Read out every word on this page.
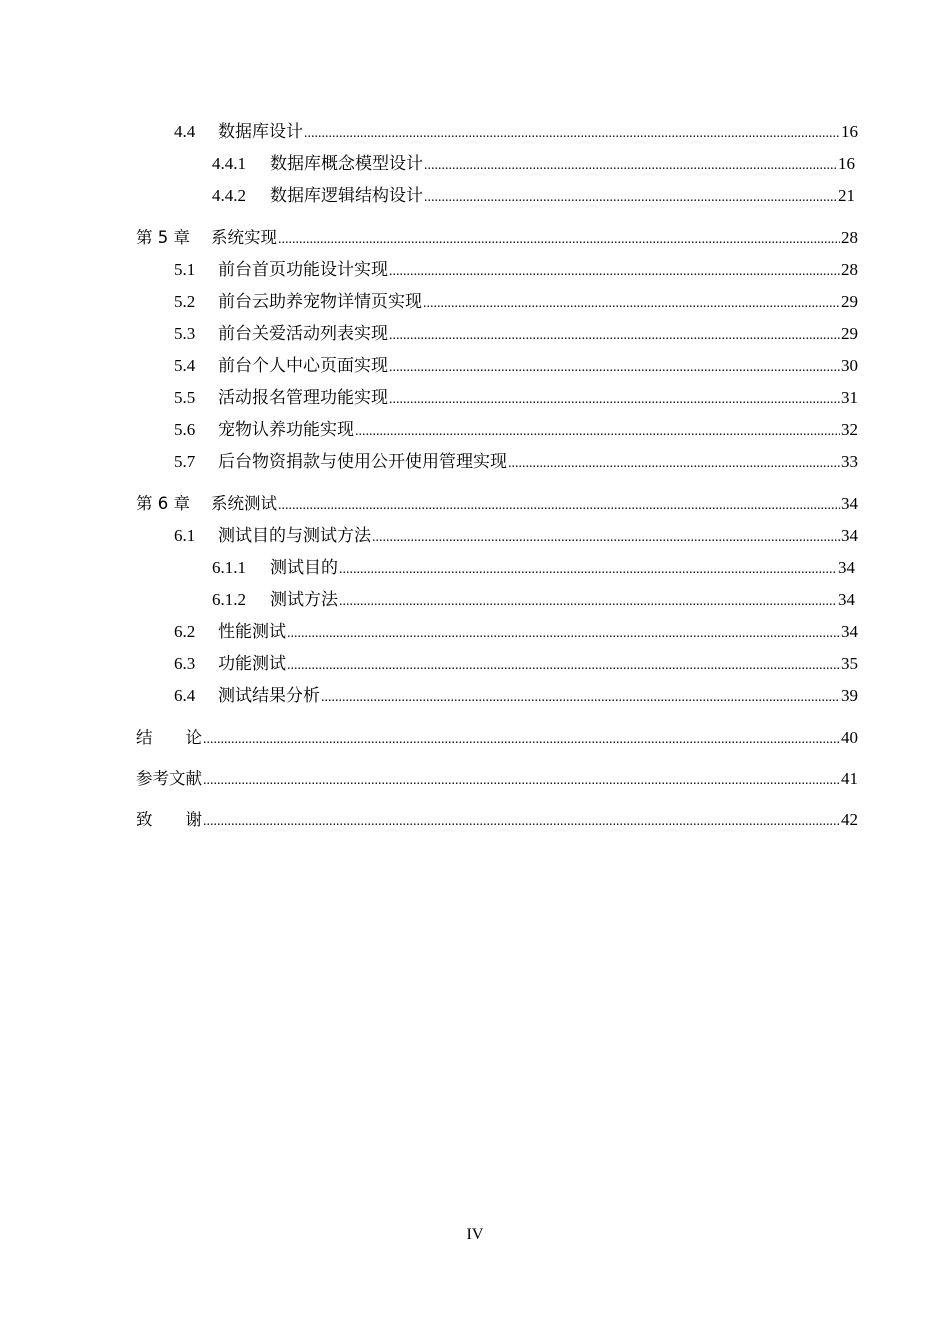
4.4	数据库设计 .....	16
4.4.1	数据库概念模型设计 .....	16
4.4.2	数据库逻辑结构设计 .....	21
第 5 章	系统实现 .....	28
5.1	前台首页功能设计实现 .....	28
5.2	前台云助养宠物详情页实现 .....	29
5.3	前台关爱活动列表实现 .....	29
5.4	前台个人中心页面实现 .....	30
5.5	活动报名管理功能实现 .....	31
5.6	宠物认养功能实现 .....	32
5.7	后台物资捐款与使用公开使用管理实现 .....	33
第 6 章	系统测试 .....	34
6.1	测试目的与测试方法 .....	34
6.1.1	测试目的 .....	34
6.1.2	测试方法 .....	34
6.2	性能测试 .....	34
6.3	功能测试 .....	35
6.4	测试结果分析 .....	39
结　　论 .....	40
参考文献 .....	41
致　　谢 .....	42
IV
